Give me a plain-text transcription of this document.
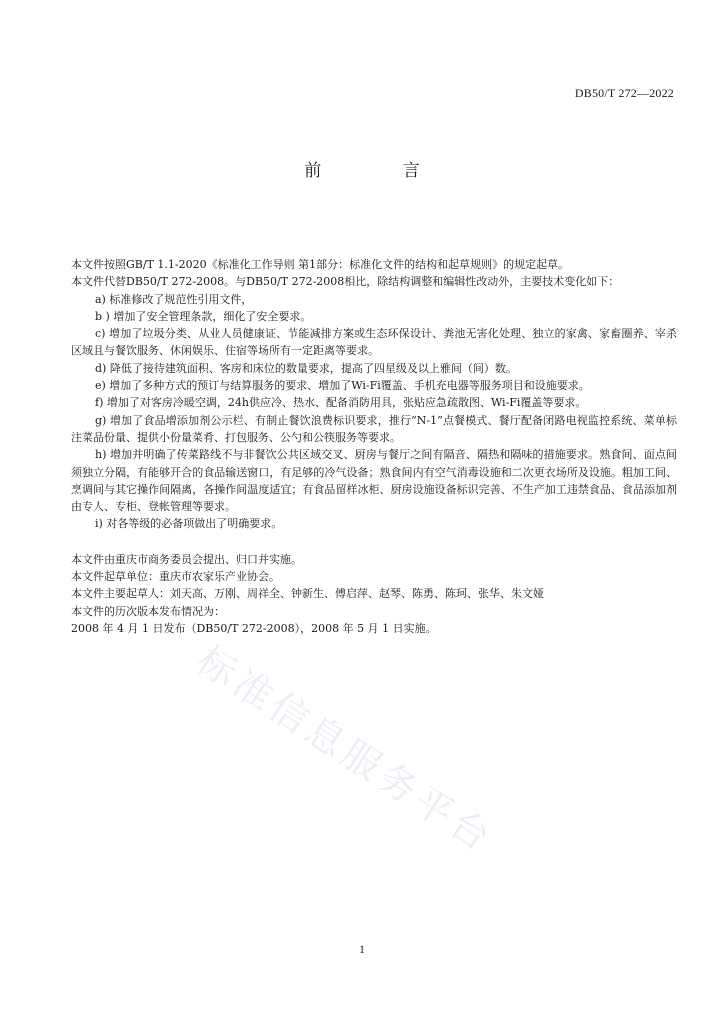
DB50/T 272—2022
前 言

本文件按照GB/T 1.1-2020《标准化工作导则 第1部分：标准化文件的结构和起草规则》的规定起草。

本文件代替DB50/T 272-2008。与DB50/T 272-2008相比，除结构调整和编辑性改动外，主要技术变化如下：

a) 标准修改了规范性引用文件，

b ) 增加了安全管理条款，细化了安全要求。

c) 增加了垃圾分类、从业人员健康证、节能减排方案或生态环保设计、粪池无害化处理、独立的家禽、家畜圈养、宰杀区域且与餐饮服务、休闲娱乐、住宿等场所有一定距离等要求。

d) 降低了接待建筑面积、客房和床位的数量要求，提高了四星级及以上雅间（间）数。

e) 增加了多种方式的预订与结算服务的要求、增加了Wi-Fi覆盖、手机充电器等服务项目和设施要求。

f) 增加了对客房冷暖空调，24h供应冷、热水、配备消防用具，张贴应急疏散图、Wi-Fi覆盖等要求。

g) 增加了食品增添加剂公示栏、有制止餐饮浪费标识要求，推行“N-1”点餐模式、餐厅配备闭路电视监控系统、菜单标注菜品份量、提供小份量菜肴、打包服务、公勺和公筷服务等要求。

h) 增加并明确了传菜路线不与非餐饮公共区域交叉、厨房与餐厅之间有隔音、隔热和隔味的措施要求。熟食间、面点间须独立分隔，有能够开合的食品输送窗口，有足够的冷气设备；熟食间内有空气消毒设施和二次更衣场所及设施。粗加工间、烹调间与其它操作间隔离，各操作间温度适宜；有食品留样冰柜、厨房设施设备标识完善、不生产加工违禁食品、食品添加剂由专人、专柜、登帐管理等要求。

i) 对各等级的必备项做出了明确要求。

本文件由重庆市商务委员会提出、归口并实施。

本文件起草单位：重庆市农家乐产业协会。

本文件主要起草人：刘天高、万刚、周祥全、钟新生、傅启萍、赵琴、陈勇、陈珂、张华、朱文娅

本文件的历次版本发布情况为：

2008 年 4 月 1 日发布（DB50/T 272-2008），2008 年 5 月 1 日实施。

标准信息服务平台
1
